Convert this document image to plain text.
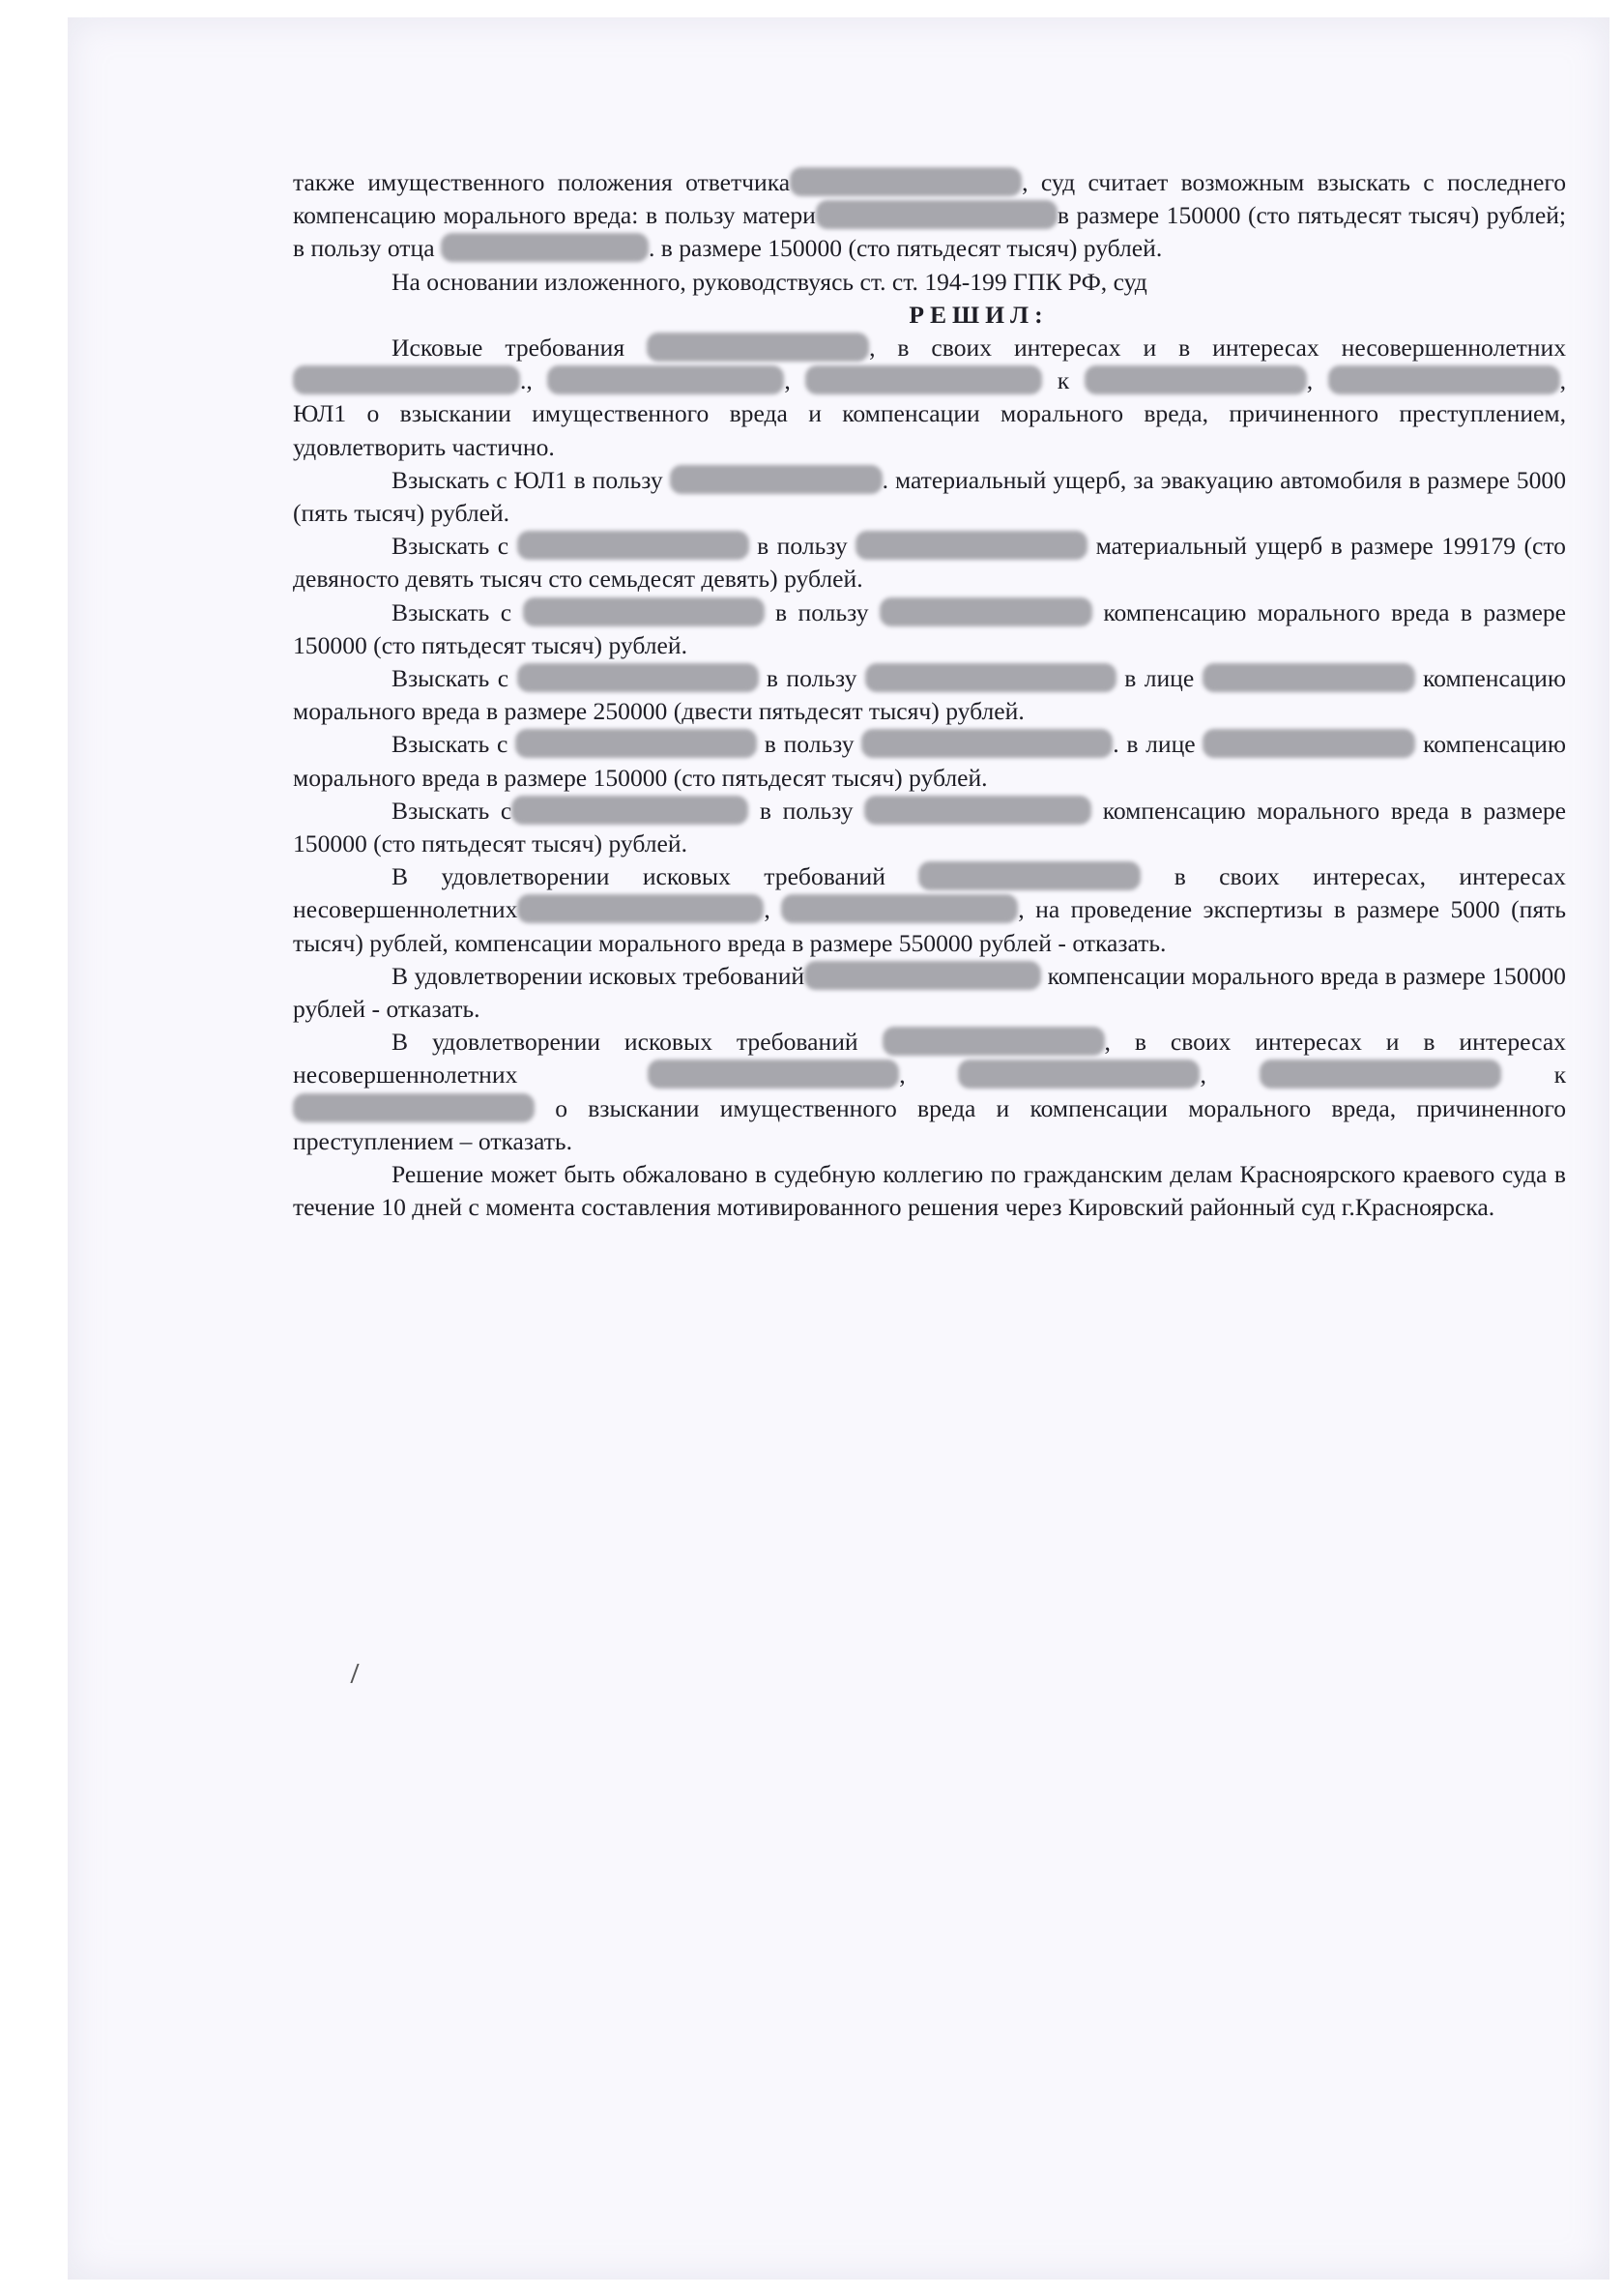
также имущественного положения ответчика	, суд считает возможным взыскать с последнего компенсацию морального вреда: в пользу матери	в размере 150000 (сто пятьдесят тысяч) рублей; в пользу отца	. в размере 150000 (сто пятьдесят тысяч) рублей.

На основании изложенного, руководствуясь ст. ст. 194-199 ГПК РФ, суд

РЕШИЛ:

Исковые требования	, в своих интересах и в интересах несовершеннолетних .,	,	к	,	, ЮЛ1 о взыскании имущественного вреда и компенсации морального вреда, причиненного преступлением, удовлетворить частично.

Взыскать с ЮЛ1 в пользу	. материальный ущерб, за эвакуацию автомобиля в размере 5000 (пять тысяч) рублей.

Взыскать с	в пользу	материальный ущерб в размере 199179 (сто девяносто девять тысяч сто семьдесят девять) рублей.

Взыскать с	в пользу	компенсацию морального вреда в размере 150000 (сто пятьдесят тысяч) рублей.

Взыскать с	в пользу	в лице	компенсацию морального вреда в размере 250000 (двести пятьдесят тысяч) рублей.

Взыскать с	в пользу	. в лице	компенсацию морального вреда в размере 150000 (сто пятьдесят тысяч) рублей.

Взыскать с	в пользу	компенсацию морального вреда в размере 150000 (сто пятьдесят тысяч) рублей.

В удовлетворении исковых требований	в своих интересах, интересах несовершеннолетних	,	, на проведение экспертизы в размере 5000 (пять тысяч) рублей, компенсации морального вреда в размере 550000 рублей - отказать.

В удовлетворении исковых требований	компенсации морального вреда в размере 150000 рублей - отказать.

В удовлетворении исковых требований	, в своих интересах и в интересах несовершеннолетних	,	,	к  о взыскании имущественного вреда и компенсации морального вреда, причиненного преступлением – отказать.

Решение может быть обжаловано в судебную коллегию по гражданским делам Красноярского краевого суда в течение 10 дней с момента составления мотивированного решения через Кировский районный суд г.Красноярска.
